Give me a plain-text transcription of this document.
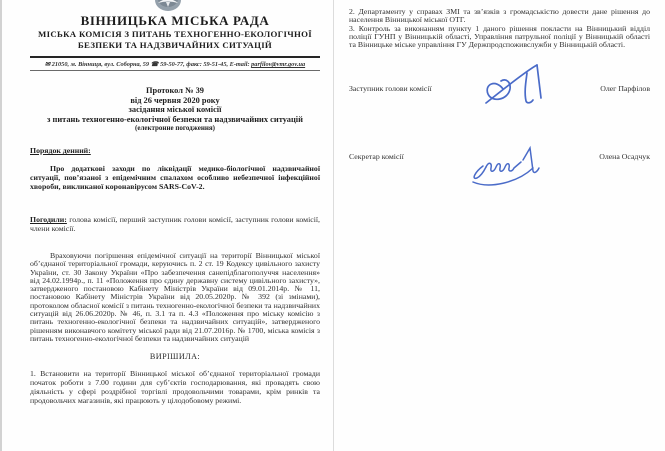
ВІННИЦЬКА МІСЬКА РАДА
МІСЬКА КОМІСІЯ З ПИТАНЬ ТЕХНОГЕННО-ЕКОЛОГІЧНОЇ
БЕЗПЕКИ ТА НАДЗВИЧАЙНИХ СИТУАЦІЙ
✉ 21050, м. Вінниця, вул. Соборна, 59 ☎ 59-50-77, факс: 59-51-45, E-mail: parfilov@vmr.gov.ua
Протокол № 39
від 26 червня 2020 року
засідання міської комісії
з питань техногенно-екологічної безпеки та надзвичайних ситуацій
(електронне погодження)
Порядок денний:
Про додаткові заходи по ліквідації медико-біологічної надзвичайної ситуації, пов’язаної з епідемічним спалахом особливо небезпечної інфекційної хвороби, викликаної коронавірусом SARS-CoV-2.
Погодили: голова комісії, перший заступник голови комісії, заступник голови комісії, члени комісії.
Враховуючи погіршення епідемічної ситуації на території Вінницької міської об’єднаної територіальної громади, керуючись п. 2 ст. 19 Кодексу цивільного захисту України, ст. 30 Закону України «Про забезпечення санепідблагополуччя населення» від 24.02.1994р., п. 11 «Положення про єдину державну систему цивільного захисту», затвердженого постановою Кабінету Міністрів України від 09.01.2014р. № 11, постановою Кабінету Міністрів України від 20.05.2020р. № 392 (зі змінами), протоколом обласної комісії з питань техногенно-екологічної безпеки та надзвичайних ситуацій від 26.06.2020р. № 46, п. 3.1 та п. 4.3 «Положення про міську комісію з питань техногенно-екологічної безпеки та надзвичайних ситуацій», затвердженого рішенням виконавчого комітету міської ради від 21.07.2016р. № 1700, міська комісія з питань техногенно-екологічної безпеки та надзвичайних ситуацій
ВИРІШИЛА:
1. Встановити на території Вінницької міської об’єднаної територіальної громади початок роботи з 7.00 години для суб’єктів господарювання, які провадять свою діяльність у сфері роздрібної торгівлі продовольчими товарами, крім ринків та продовольчих магазинів, які працюють у цілодобовому режимі.
2. Департаменту у справах ЗМІ та зв’язків з громадськістю довести дане рішення до населення Вінницької міської ОТГ.
3. Контроль за виконанням пункту 1 даного рішення покласти на Вінницький відділ поліції ГУНП у Вінницькій області, Управління патрульної поліції у Вінницькій області та Вінницьке міське управління ГУ Держпродспоживслужби у Вінницькій області.
Заступник голови комісії	Олег Парфілов
Секретар комісії	Олена Осадчук
